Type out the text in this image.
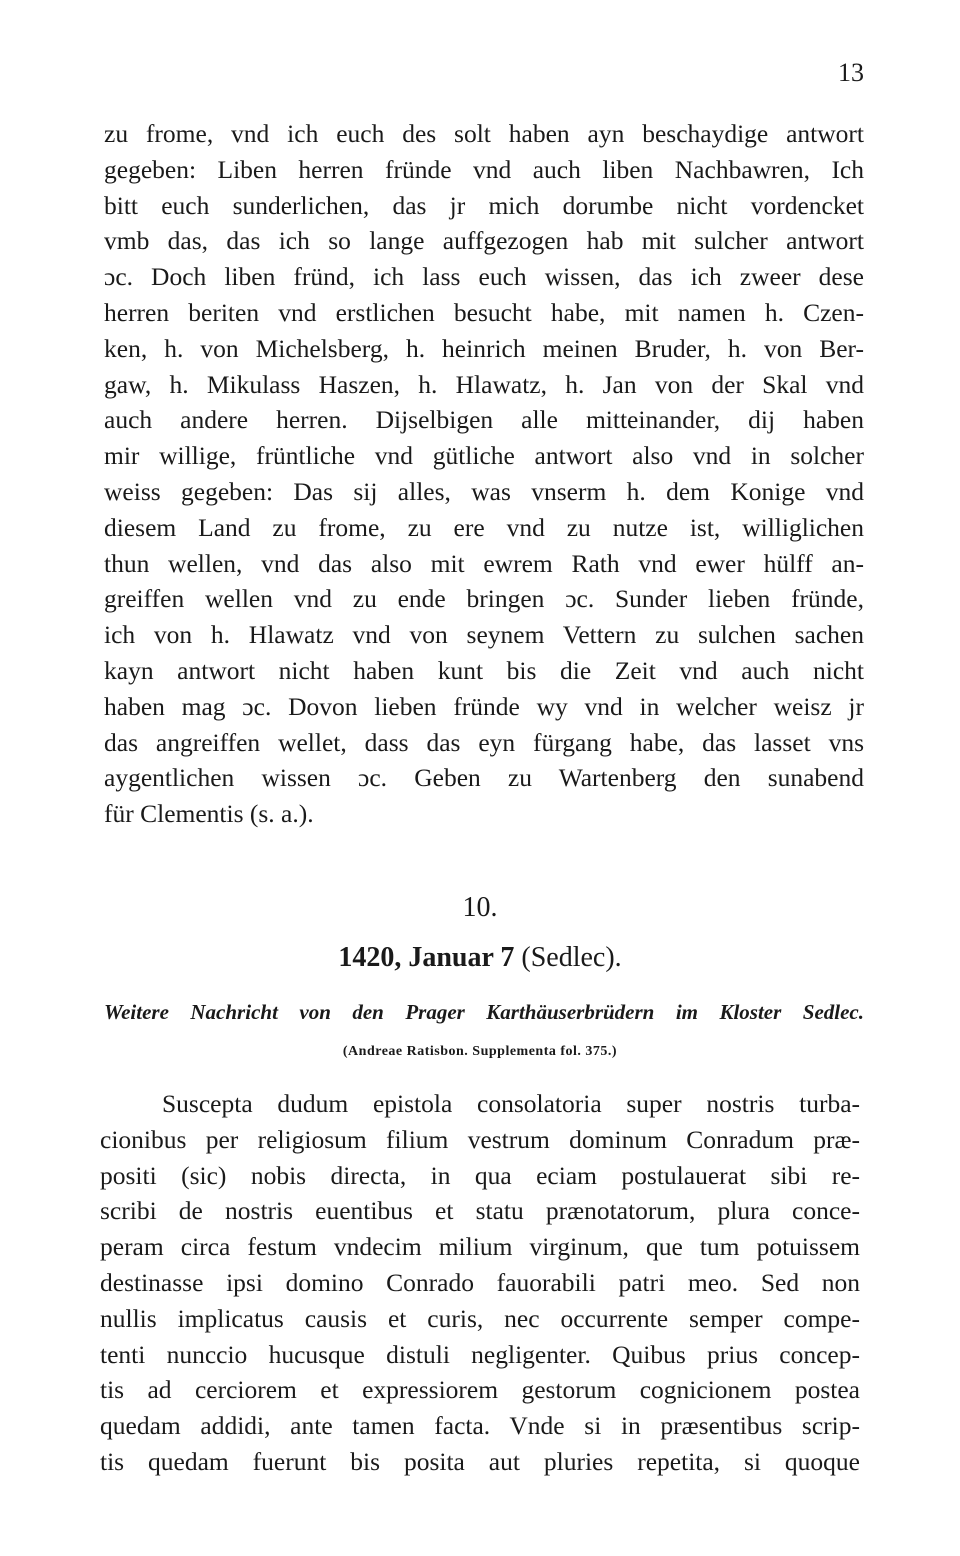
13
zu frome, vnd ich euch des solt haben ayn beschaydige antwort
gegeben: Liben herren fründe vnd auch liben Nachbawren, Ich
bitt euch sunderlichen, das jr mich dorumbe nicht vordencket
vmb das, das ich so lange auffgezogen hab mit sulcher antwort
ɔc. Doch liben fründ, ich lass euch wissen, das ich zweer dese
herren beriten vnd erstlichen besucht habe, mit namen h. Czen-
ken, h. von Michelsberg, h. heinrich meinen Bruder, h. von Ber-
gaw, h. Mikulass Haszen, h. Hlawatz, h. Jan von der Skal vnd
auch andere herren. Dijselbigen alle mitteinander, dij haben
mir willige, früntliche vnd gütliche antwort also vnd in solcher
weiss gegeben: Das sij alles, was vnserm h. dem Konige vnd
diesem Land zu frome, zu ere vnd zu nutze ist, williglichen
thun wellen, vnd das also mit ewrem Rath vnd ewer hülff an-
greiffen wellen vnd zu ende bringen ɔc. Sunder lieben fründe,
ich von h. Hlawatz vnd von seynem Vettern zu sulchen sachen
kayn antwort nicht haben kunt bis die Zeit vnd auch nicht
haben mag ɔc. Dovon lieben fründe wy vnd in welcher weisz jr
das angreiffen wellet, dass das eyn fürgang habe, das lasset vns
aygentlichen wissen ɔc. Geben zu Wartenberg den sunabend
für Clementis (s. a.).
10.
1420, Januar 7 (Sedlec).
Weitere Nachricht von den Prager Karthäuserbrüdern im Kloster Sedlec.
(Andreae Ratisbon. Supplementa fol. 375.)
Suscepta dudum epistola consolatoria super nostris turba-
cionibus per religiosum filium vestrum dominum Conradum præ-
positi (sic) nobis directa, in qua eciam postulauerat sibi re-
scribi de nostris euentibus et statu prænotatorum, plura conce-
peram circa festum vndecim milium virginum, que tum potuissem
destinasse ipsi domino Conrado fauorabili patri meo. Sed non
nullis implicatus causis et curis, nec occurrente semper compe-
tenti nunccio hucusque distuli negligenter. Quibus prius concep-
tis ad cerciorem et expressiorem gestorum cognicionem postea
quedam addidi, ante tamen facta. Vnde si in præsentibus scrip-
tis quedam fuerunt bis posita aut pluries repetita, si quoque
